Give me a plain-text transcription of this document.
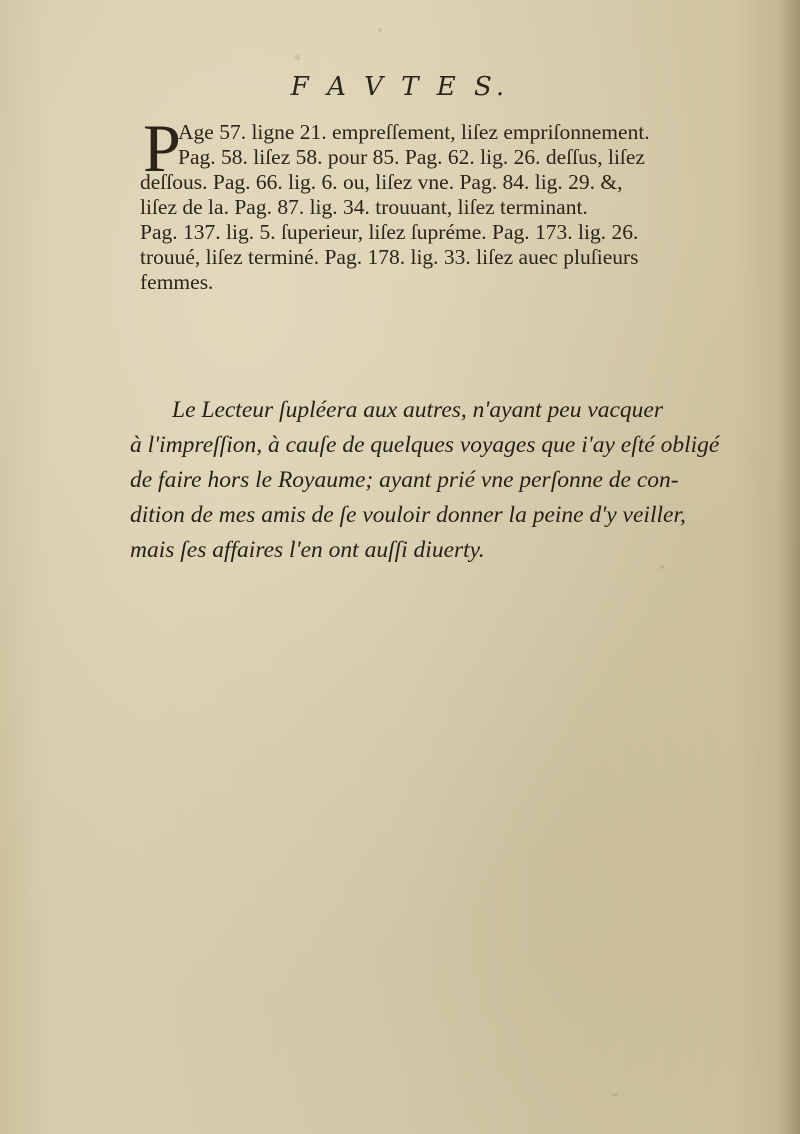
F A V T E S.
P
Age 57. ligne 21. empreſſement, liſez empriſonnement.
Pag. 58. liſez 58. pour 85. Pag. 62. lig. 26. deſſus, liſez
deſſous. Pag. 66. lig. 6. ou, liſez vne. Pag. 84. lig. 29. &,
liſez de la. Pag. 87. lig. 34. trouuant, liſez terminant.
Pag. 137. lig. 5. ſuperieur, liſez ſupréme. Pag. 173. lig. 26.
trouué, liſez terminé. Pag. 178. lig. 33. liſez auec pluſieurs
femmes.
Le Lecteur ſupléera aux autres, n'ayant peu vacquer
à l'impreſſion, à cauſe de quelques voyages que i'ay eſté obligé
de faire hors le Royaume; ayant prié vne perſonne de con-
dition de mes amis de ſe vouloir donner la peine d'y veiller,
mais ſes affaires l'en ont auſſi diuerty.
